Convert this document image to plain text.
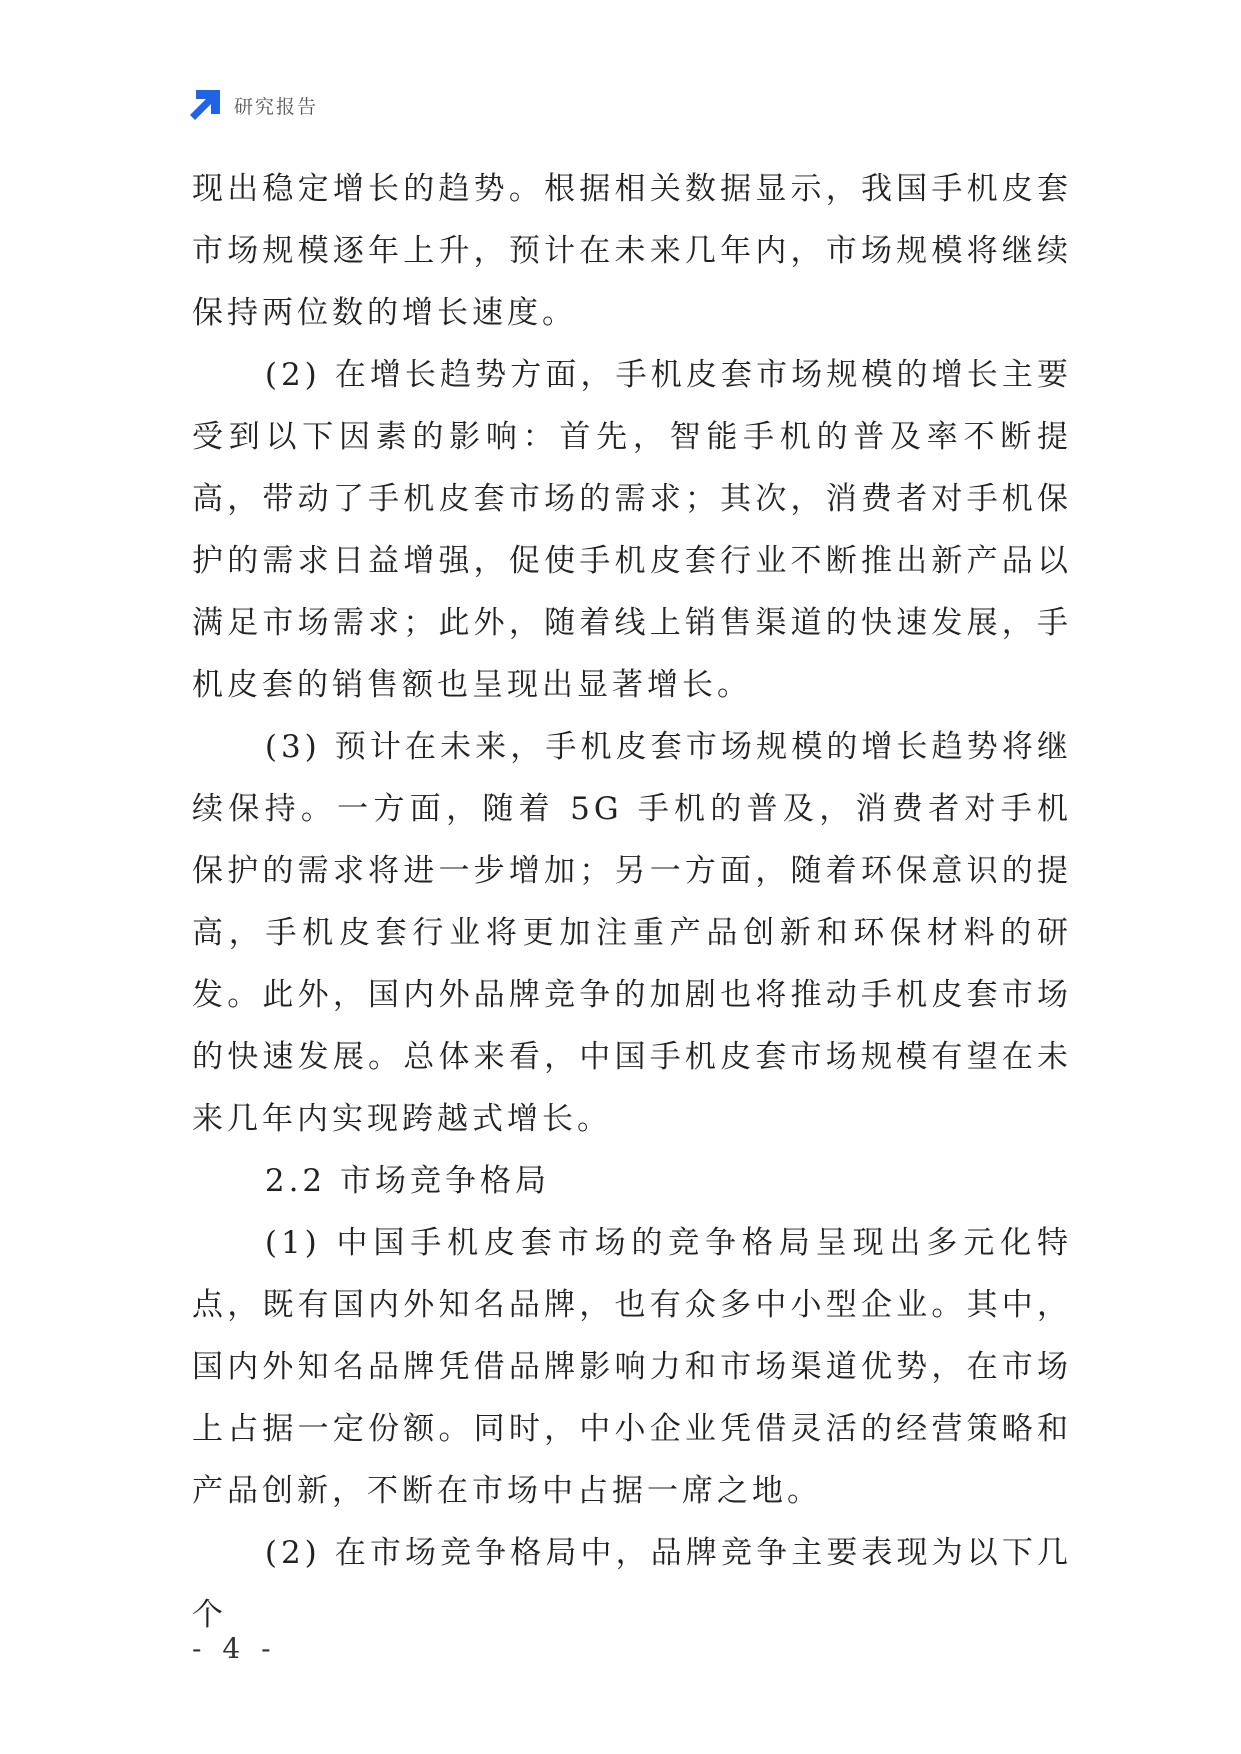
研究报告

现出稳定增长的趋势。根据相关数据显示，我国手机皮套市场规模逐年上升，预计在未来几年内，市场规模将继续保持两位数的增长速度。

(2) 在增长趋势方面，手机皮套市场规模的增长主要受到以下因素的影响：首先，智能手机的普及率不断提高，带动了手机皮套市场的需求；其次，消费者对手机保护的需求日益增强，促使手机皮套行业不断推出新产品以满足市场需求；此外，随着线上销售渠道的快速发展，手机皮套的销售额也呈现出显著增长。

(3) 预计在未来，手机皮套市场规模的增长趋势将继续保持。一方面，随着 5G 手机的普及，消费者对手机保护的需求将进一步增加；另一方面，随着环保意识的提高，手机皮套行业将更加注重产品创新和环保材料的研发。此外，国内外品牌竞争的加剧也将推动手机皮套市场的快速发展。总体来看，中国手机皮套市场规模有望在未来几年内实现跨越式增长。

2.2 市场竞争格局

(1) 中国手机皮套市场的竞争格局呈现出多元化特点，既有国内外知名品牌，也有众多中小型企业。其中，国内外知名品牌凭借品牌影响力和市场渠道优势，在市场上占据一定份额。同时，中小企业凭借灵活的经营策略和产品创新，不断在市场中占据一席之地。

(2) 在市场竞争格局中，品牌竞争主要表现为以下几个

- 4 -
